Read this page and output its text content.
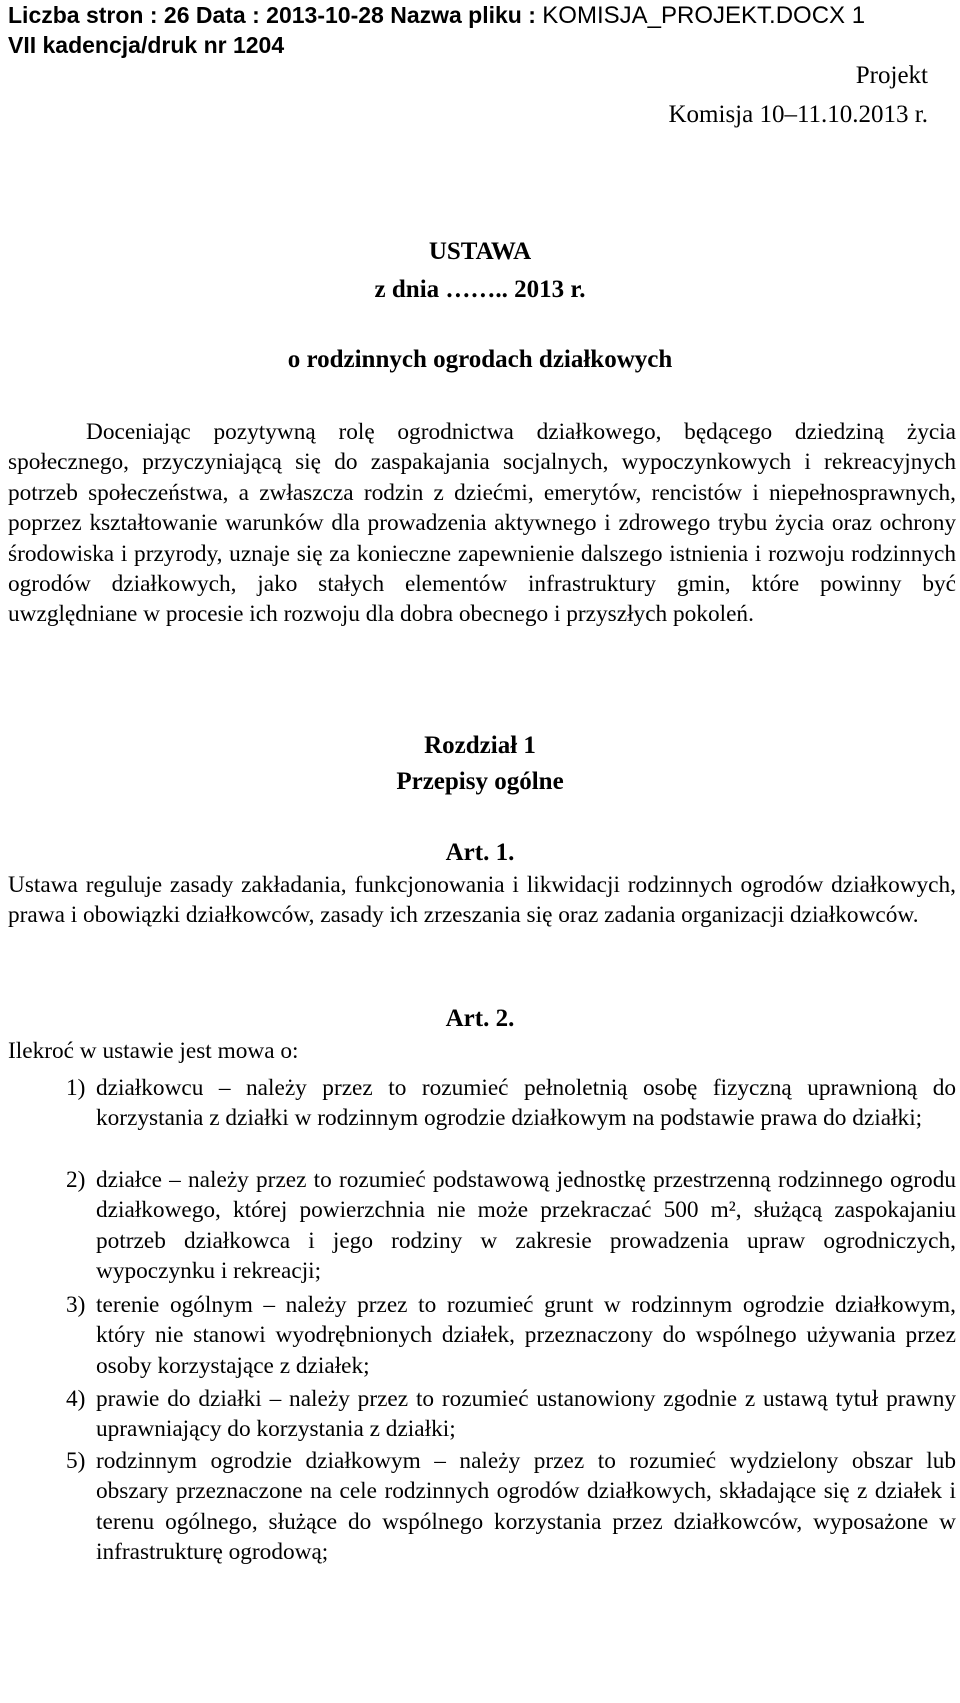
Liczba stron : 26 Data : 2013-10-28 Nazwa pliku : KOMISJA_PROJEKT.DOCX 1
VII kadencja/druk nr 1204
Projekt
Komisja 10–11.10.2013 r.
USTAWA
z dnia …….. 2013 r.
o rodzinnych ogrodach działkowych
Doceniając pozytywną rolę ogrodnictwa działkowego, będącego dziedziną życia społecznego, przyczyniającą się do zaspakajania socjalnych, wypoczynkowych i rekreacyjnych potrzeb społeczeństwa, a zwłaszcza rodzin z dziećmi, emerytów, rencistów i niepełnosprawnych, poprzez kształtowanie warunków dla prowadzenia aktywnego i zdrowego trybu życia oraz ochrony środowiska i przyrody, uznaje się za konieczne zapewnienie dalszego istnienia i rozwoju rodzinnych ogrodów działkowych, jako stałych elementów infrastruktury gmin, które powinny być uwzględniane w procesie ich rozwoju dla dobra obecnego i przyszłych pokoleń.
Rozdział 1
Przepisy ogólne
Art. 1.
Ustawa reguluje zasady zakładania, funkcjonowania i likwidacji rodzinnych ogrodów działkowych, prawa i obowiązki działkowców, zasady ich zrzeszania się oraz zadania organizacji działkowców.
Art. 2.
Ilekroć w ustawie jest mowa o:
1) działkowcu – należy przez to rozumieć pełnoletnią osobę fizyczną uprawnioną do korzystania z działki w rodzinnym ogrodzie działkowym na podstawie prawa do działki;
2) działce – należy przez to rozumieć podstawową jednostkę przestrzenną rodzinnego ogrodu działkowego, której powierzchnia nie może przekraczać 500 m², służącą zaspokajaniu potrzeb działkowca i jego rodziny w zakresie prowadzenia upraw ogrodniczych, wypoczynku i rekreacji;
3) terenie ogólnym – należy przez to rozumieć grunt w rodzinnym ogrodzie działkowym, który nie stanowi wyodrębnionych działek, przeznaczony do wspólnego używania przez osoby korzystające z działek;
4) prawie do działki – należy przez to rozumieć ustanowiony zgodnie z ustawą tytuł prawny uprawniający do korzystania z działki;
5) rodzinnym ogrodzie działkowym – należy przez to rozumieć wydzielony obszar lub obszary przeznaczone na cele rodzinnych ogrodów działkowych, składające się z działek i terenu ogólnego, służące do wspólnego korzystania przez działkowców, wyposażone w infrastrukturę ogrodową;
